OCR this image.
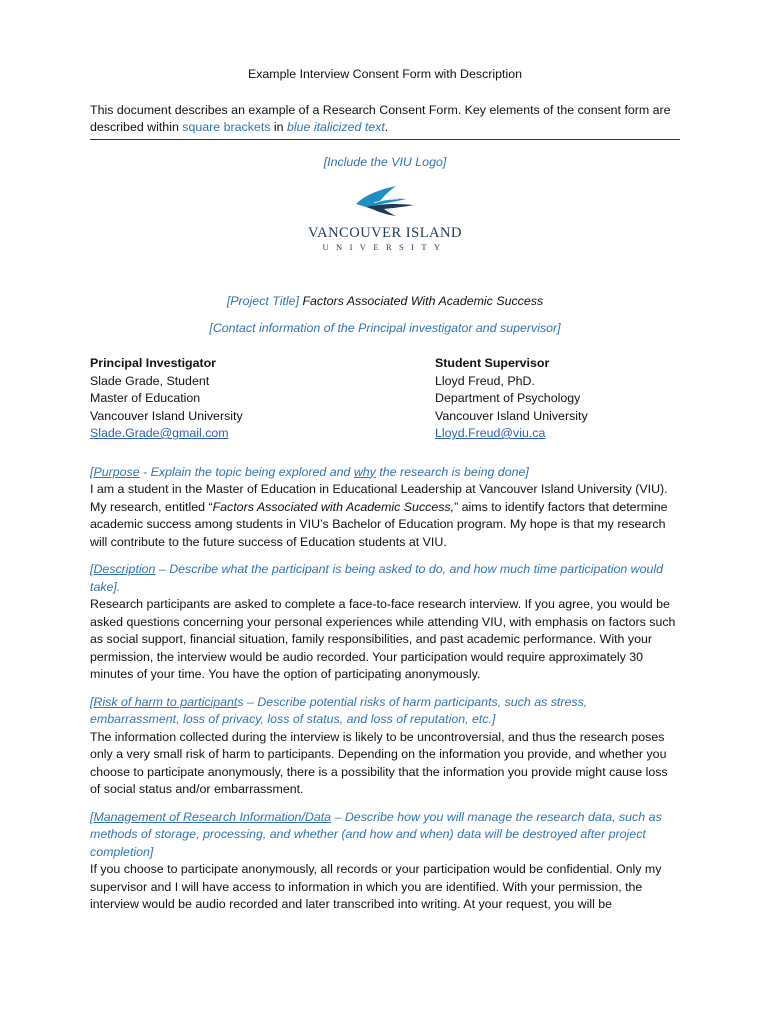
Example Interview Consent Form with Description

This document describes an example of a Research Consent Form. Key elements of the consent form are described within square brackets in blue italicized text.

[Include the VIU Logo]
VANCOUVER ISLAND
UNIVERSITY
[Project Title] Factors Associated With Academic Success
[Contact information of the Principal investigator and supervisor]
Principal Investigator
Slade Grade, Student
Master of Education
Vancouver Island University
Slade.Grade@gmail.com
Student Supervisor
Lloyd Freud, PhD.
Department of Psychology
Vancouver Island University
Lloyd.Freud@viu.ca

[Purpose - Explain the topic being explored and why the research is being done]

I am a student in the Master of Education in Educational Leadership at Vancouver Island University (VIU). My research, entitled “Factors Associated with Academic Success,” aims to identify factors that determine academic success among students in VIU’s Bachelor of Education program. My hope is that my research will contribute to the future success of Education students at VIU.

[Description – Describe what the participant is being asked to do, and how much time participation would take].

Research participants are asked to complete a face-to-face research interview. If you agree, you would be asked questions concerning your personal experiences while attending VIU, with emphasis on factors such as social support, financial situation, family responsibilities, and past academic performance. With your permission, the interview would be audio recorded. Your participation would require approximately 30 minutes of your time. You have the option of participating anonymously.

[Risk of harm to participants – Describe potential risks of harm participants, such as stress, embarrassment, loss of privacy, loss of status, and loss of reputation, etc.]

The information collected during the interview is likely to be uncontroversial, and thus the research poses only a very small risk of harm to participants. Depending on the information you provide, and whether you choose to participate anonymously, there is a possibility that the information you provide might cause loss of social status and/or embarrassment.

[Management of Research Information/Data – Describe how you will manage the research data, such as methods of storage, processing, and whether (and how and when) data will be destroyed after project completion]

If you choose to participate anonymously, all records or your participation would be confidential. Only my supervisor and I will have access to information in which you are identified. With your permission, the interview would be audio recorded and later transcribed into writing. At your request, you will be
